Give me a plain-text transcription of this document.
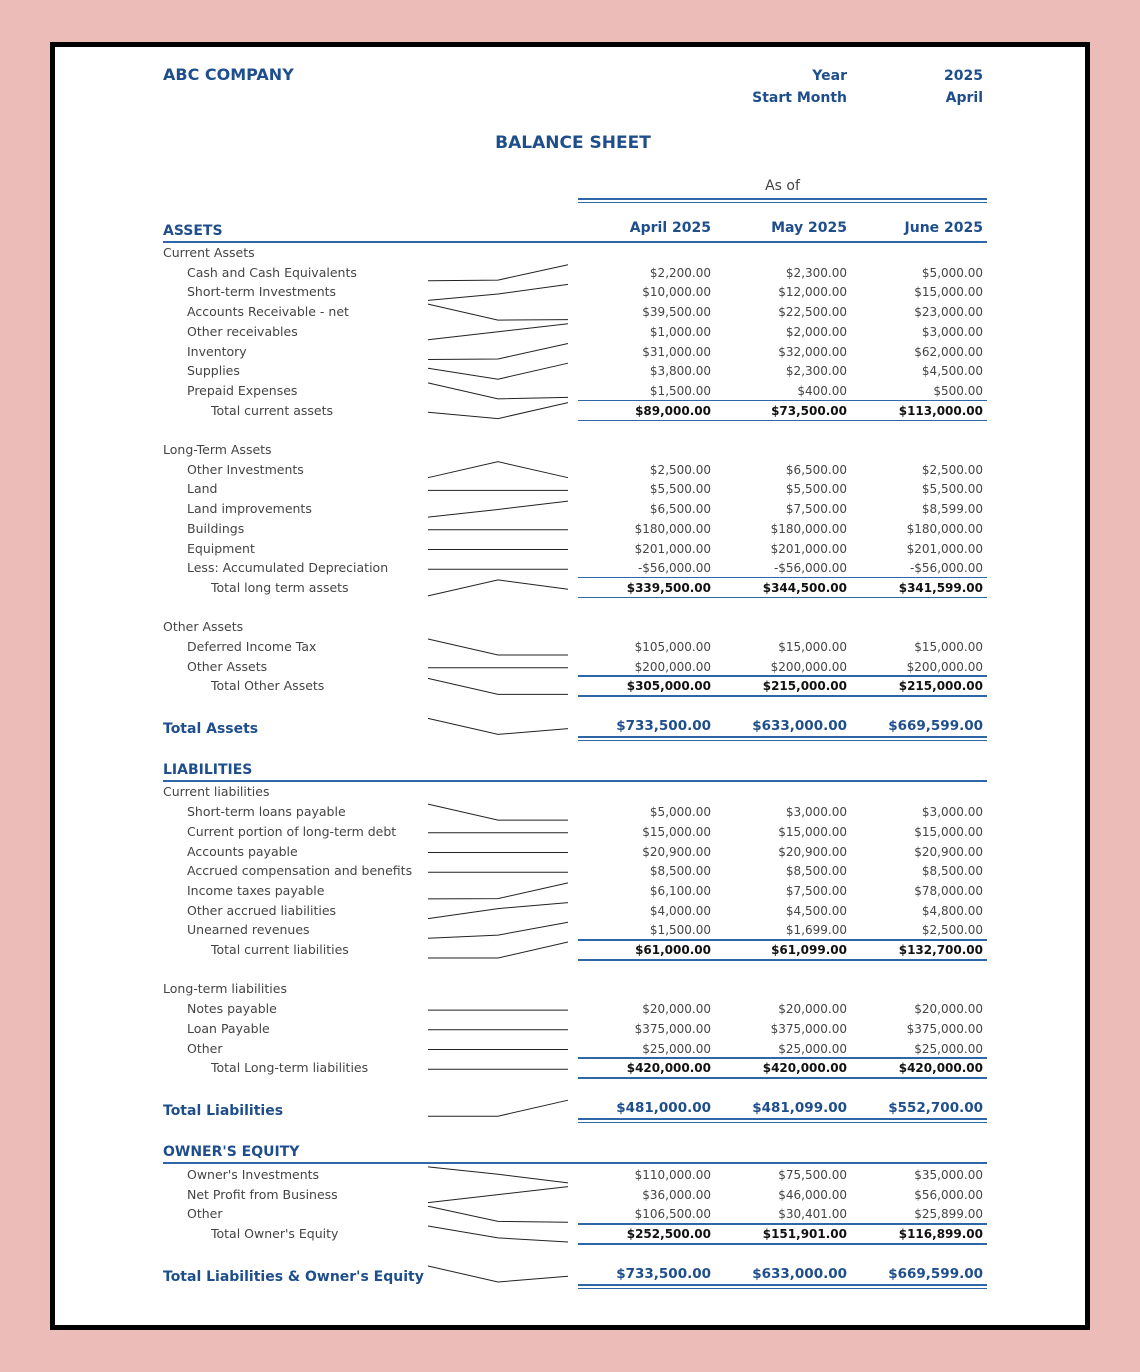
ABC COMPANY	Year	2025
Start Month	April
BALANCE SHEET
As of
April 2025	May 2025	June 2025
ASSETS
Current Assets
Cash and Cash Equivalents	$2,200.00	$2,300.00	$5,000.00
Short-term Investments	$10,000.00	$12,000.00	$15,000.00
Accounts Receivable - net	$39,500.00	$22,500.00	$23,000.00
Other receivables	$1,000.00	$2,000.00	$3,000.00
Inventory	$31,000.00	$32,000.00	$62,000.00
Supplies	$3,800.00	$2,300.00	$4,500.00
Prepaid Expenses	$1,500.00	$400.00	$500.00
Total current assets	$89,000.00	$73,500.00	$113,000.00
Long-Term Assets
Other Investments	$2,500.00	$6,500.00	$2,500.00
Land	$5,500.00	$5,500.00	$5,500.00
Land improvements	$6,500.00	$7,500.00	$8,599.00
Buildings	$180,000.00	$180,000.00	$180,000.00
Equipment	$201,000.00	$201,000.00	$201,000.00
Less: Accumulated Depreciation	-$56,000.00	-$56,000.00	-$56,000.00
Total long term assets	$339,500.00	$344,500.00	$341,599.00
Other Assets
Deferred Income Tax	$105,000.00	$15,000.00	$15,000.00
Other Assets	$200,000.00	$200,000.00	$200,000.00
Total Other Assets	$305,000.00	$215,000.00	$215,000.00
Total Assets	$733,500.00	$633,000.00	$669,599.00
LIABILITIES
Current liabilities
Short-term loans payable	$5,000.00	$3,000.00	$3,000.00
Current portion of long-term debt	$15,000.00	$15,000.00	$15,000.00
Accounts payable	$20,900.00	$20,900.00	$20,900.00
Accrued compensation and benefits	$8,500.00	$8,500.00	$8,500.00
Income taxes payable	$6,100.00	$7,500.00	$78,000.00
Other accrued liabilities	$4,000.00	$4,500.00	$4,800.00
Unearned revenues	$1,500.00	$1,699.00	$2,500.00
Total current liabilities	$61,000.00	$61,099.00	$132,700.00
Long-term liabilities
Notes payable	$20,000.00	$20,000.00	$20,000.00
Loan Payable	$375,000.00	$375,000.00	$375,000.00
Other	$25,000.00	$25,000.00	$25,000.00
Total Long-term liabilities	$420,000.00	$420,000.00	$420,000.00
Total Liabilities	$481,000.00	$481,099.00	$552,700.00
OWNER'S EQUITY
Owner's Investments	$110,000.00	$75,500.00	$35,000.00
Net Profit from Business	$36,000.00	$46,000.00	$56,000.00
Other	$106,500.00	$30,401.00	$25,899.00
Total Owner's Equity	$252,500.00	$151,901.00	$116,899.00
Total Liabilities & Owner's Equity	$733,500.00	$633,000.00	$669,599.00
